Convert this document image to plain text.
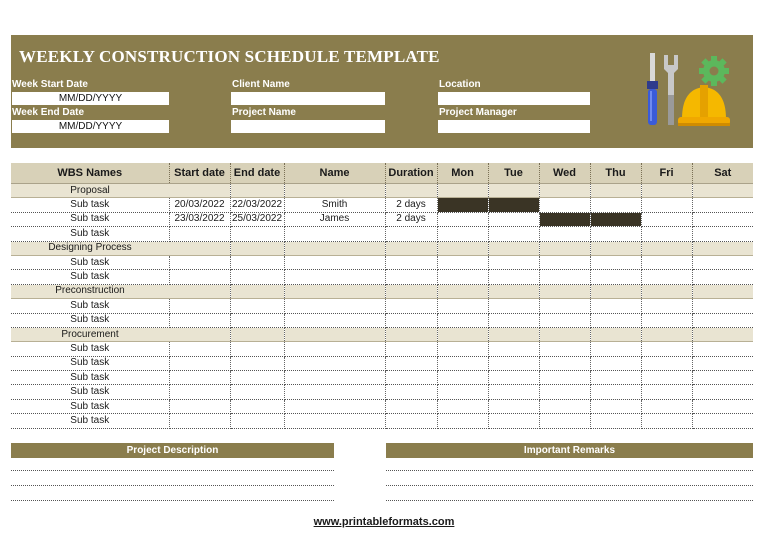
WEEKLY CONSTRUCTION SCHEDULE TEMPLATE
Week Start Date
MM/DD/YYYY
Week End Date
MM/DD/YYYY
Client Name
Project Name
Location
Project Manager
WBS Names	Start date	End date	Name	Duration	Mon	Tue	Wed	Thu	Fri	Sat
Proposal										
Sub task	20/03/2022	22/03/2022	Smith	2 days						
Sub task	23/03/2022	25/03/2022	James	2 days						
Sub task										
Designing Process										
Sub task										
Sub task										
Preconstruction										
Sub task										
Sub task										
Procurement										
Sub task										
Sub task										
Sub task										
Sub task										
Sub task										
Sub task										
Project Description	Important Remarks
www.printableformats.com
